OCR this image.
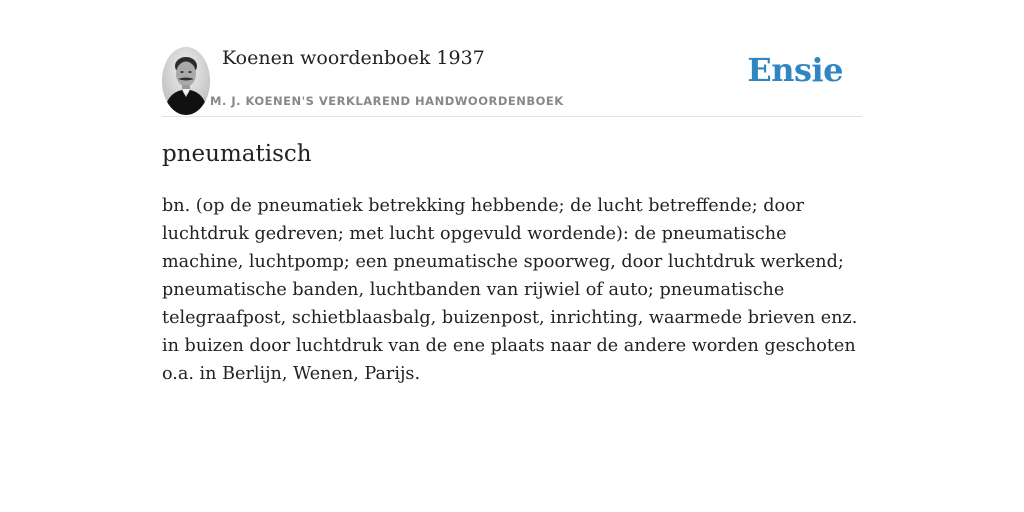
Koenen woordenboek 1937
M. J. KOENEN'S VERKLAREND HANDWOORDENBOEK
Ensie
pneumatisch

bn. (op de pneumatiek betrekking hebbende; de lucht betreffende; door luchtdruk gedreven; met lucht opgevuld wordende): de pneumatische machine, luchtpomp; een pneumatische spoorweg, door luchtdruk werkend; pneumatische banden, luchtbanden van rijwiel of auto; pneumatische telegraafpost, schietblaasbalg, buizenpost, inrichting, waarmede brieven enz. in buizen door luchtdruk van de ene plaats naar de andere worden geschoten o.a. in Berlijn, Wenen, Parijs.
